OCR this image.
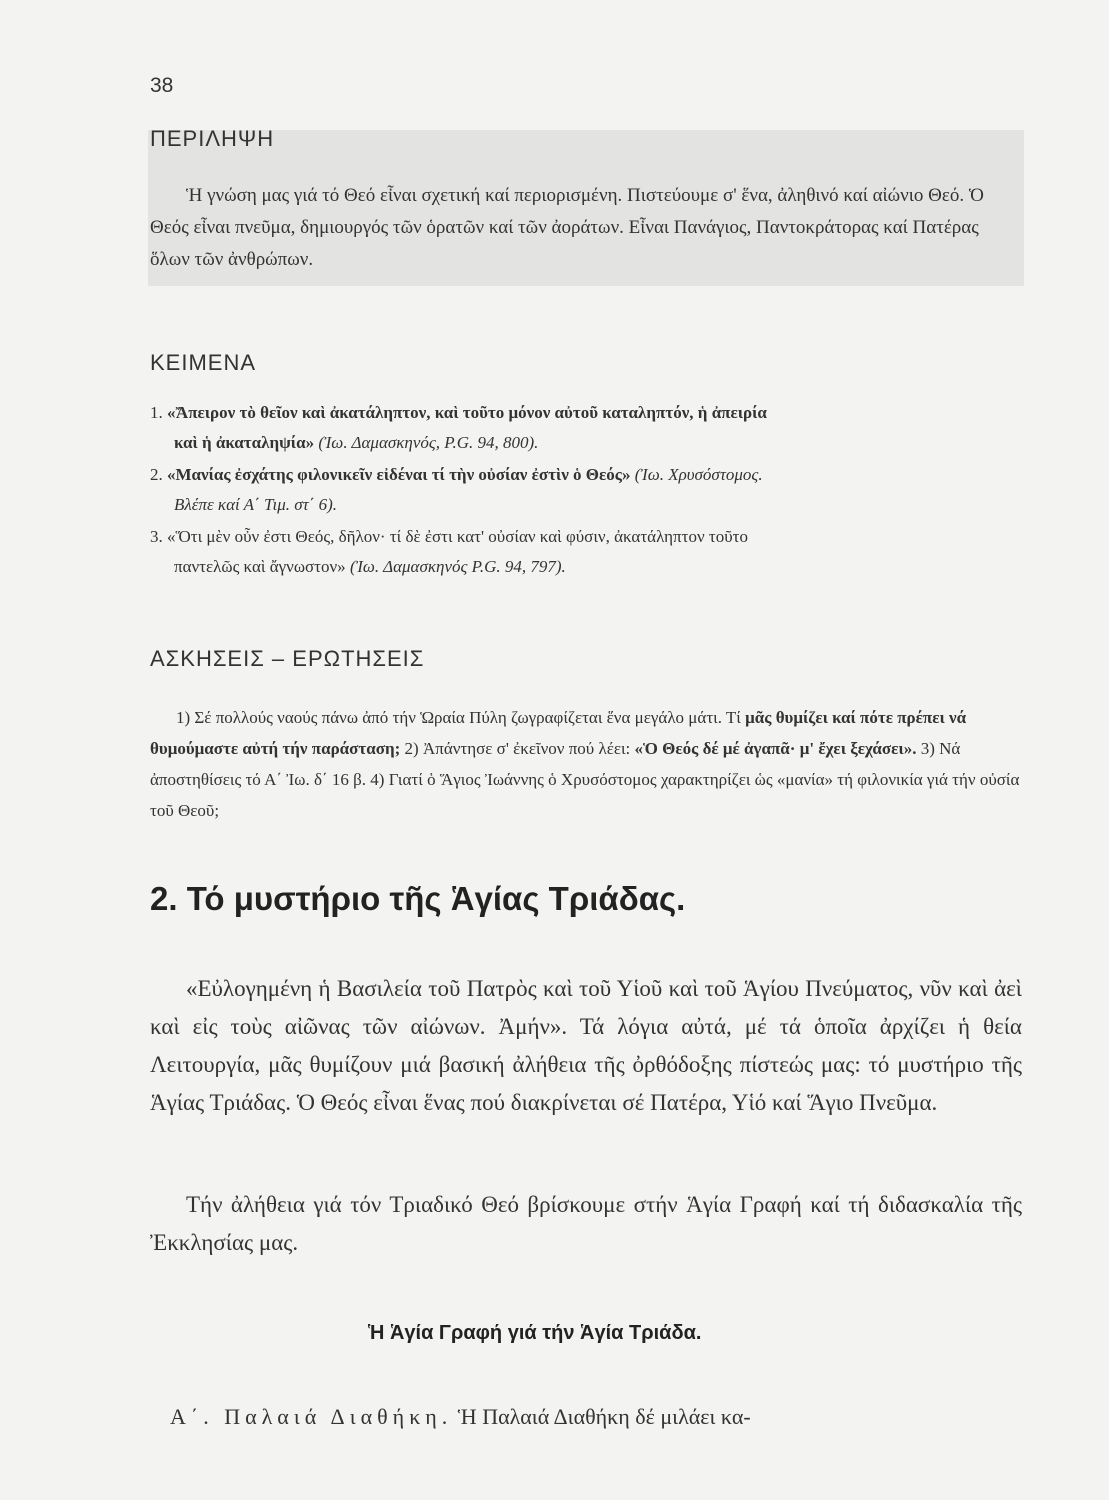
38
ΠΕΡΙΛΗΨΗ
Ἡ γνώση μας γιά τό Θεό εἶναι σχετική καί περιορισμένη. Πιστεύουμε σ' ἕνα, ἀληθινό καί αἰώνιο Θεό. Ὁ Θεός εἶναι πνεῦμα, δημιουργός τῶν ὁρατῶν καί τῶν ἀοράτων. Εἶναι Πανάγιος, Παντοκράτορας καί Πατέρας ὅλων τῶν ἀνθρώπων.
ΚΕΙΜΕΝΑ
1. «Ἄπειρον τὸ θεῖον καὶ ἀκατάληπτον, καὶ τοῦτο μόνον αὐτοῦ καταληπτόν, ἡ ἀπειρία
καὶ ἡ ἀκαταληψία» (Ἰω. Δαμασκηνός, P.G. 94, 800).
2. «Μανίας ἐσχάτης φιλονικεῖν εἰδέναι τί τὴν οὐσίαν ἐστὶν ὁ Θεός» (Ἰω. Χρυσόστομος.
Βλέπε καί Α΄ Τιμ. στ΄ 6).
3. «Ὅτι μὲν οὖν ἐστι Θεός, δῆλον· τί δὲ ἐστι κατ' οὐσίαν καὶ φύσιν, ἀκατάληπτον τοῦτο
παντελῶς καὶ ἄγνωστον» (Ἰω. Δαμασκηνός P.G. 94, 797).
ΑΣΚΗΣΕΙΣ – ΕΡΩΤΗΣΕΙΣ
1) Σέ πολλούς ναούς πάνω ἀπό τήν Ὡραία Πύλη ζωγραφίζεται ἕνα μεγάλο μάτι. Τί μᾶς θυμίζει καί πότε πρέπει νά θυμούμαστε αὐτή τήν παράσταση; 2) Ἀπάντησε σ' ἐκεῖνον πού λέει: «Ὁ Θεός δέ μέ ἀγαπᾶ· μ' ἔχει ξεχάσει». 3) Νά ἀποστηθίσεις τό Α΄ Ἰω. δ΄ 16 β. 4) Γιατί ὁ Ἅγιος Ἰωάννης ὁ Χρυσόστομος χαρακτηρίζει ὡς «μανία» τή φιλονικία γιά τήν οὐσία τοῦ Θεοῦ;
2. Τό μυστήριο τῆς Ἁγίας Τριάδας.
«Εὐλογημένη ἡ Βασιλεία τοῦ Πατρὸς καὶ τοῦ Υἱοῦ καὶ τοῦ Ἁγίου Πνεύματος, νῦν καὶ ἀεὶ καὶ εἰς τοὺς αἰῶνας τῶν αἰώνων. Ἀμήν». Τά λόγια αὐτά, μέ τά ὁποῖα ἀρχίζει ἡ θεία Λειτουργία, μᾶς θυμίζουν μιά βασική ἀλήθεια τῆς ὀρθόδοξης πίστεώς μας: τό μυστήριο τῆς Ἁγίας Τριάδας. Ὁ Θεός εἶναι ἕνας πού διακρίνεται σέ Πατέρα, Υἱό καί Ἅγιο Πνεῦμα.
Τήν ἀλήθεια γιά τόν Τριαδικό Θεό βρίσκουμε στήν Ἁγία Γραφή καί τή διδασκαλία τῆς Ἐκκλησίας μας.
Ἡ Ἁγία Γραφή γιά τήν Ἁγία Τριάδα.
Α΄. Παλαιά Διαθήκη. Ἡ Παλαιά Διαθήκη δέ μιλάει κα-
